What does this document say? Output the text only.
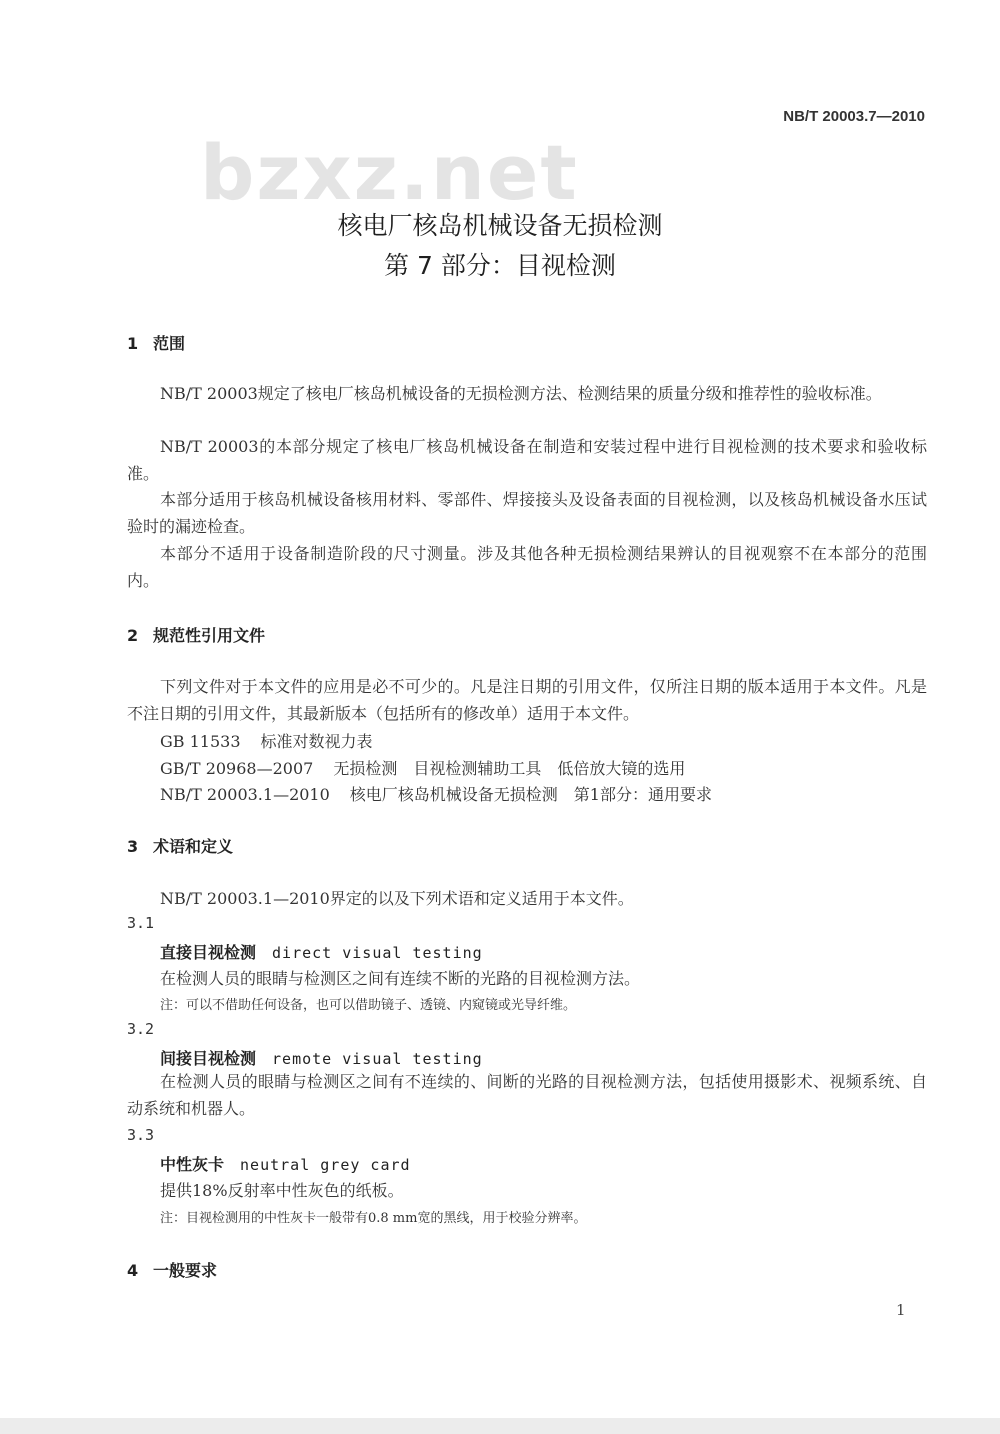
NB/T 20003.7—2010
bzxz.net
核电厂核岛机械设备无损检测
第 7 部分：目视检测
1 范围
NB/T 20003规定了核电厂核岛机械设备的无损检测方法、检测结果的质量分级和推荐性的验收标准。
NB/T 20003的本部分规定了核电厂核岛机械设备在制造和安装过程中进行目视检测的技术要求和验收标准。
本部分适用于核岛机械设备核用材料、零部件、焊接接头及设备表面的目视检测，以及核岛机械设备水压试验时的漏迹检查。
本部分不适用于设备制造阶段的尺寸测量。涉及其他各种无损检测结果辨认的目视观察不在本部分的范围内。
2 规范性引用文件
下列文件对于本文件的应用是必不可少的。凡是注日期的引用文件，仅所注日期的版本适用于本文件。凡是不注日期的引用文件，其最新版本（包括所有的修改单）适用于本文件。
GB 11533 标准对数视力表
GB/T 20968—2007 无损检测　目视检测辅助工具　低倍放大镜的选用
NB/T 20003.1—2010 核电厂核岛机械设备无损检测　第1部分：通用要求
3 术语和定义
NB/T 20003.1—2010界定的以及下列术语和定义适用于本文件。
3.1
直接目视检测 direct visual testing
在检测人员的眼睛与检测区之间有连续不断的光路的目视检测方法。
注：可以不借助任何设备，也可以借助镜子、透镜、内窥镜或光导纤维。
3.2
间接目视检测 remote visual testing
在检测人员的眼睛与检测区之间有不连续的、间断的光路的目视检测方法，包括使用摄影术、视频系统、自动系统和机器人。
3.3
中性灰卡 neutral grey card
提供18%反射率中性灰色的纸板。
注：目视检测用的中性灰卡一般带有0.8 mm宽的黑线，用于校验分辨率。
4 一般要求
1
